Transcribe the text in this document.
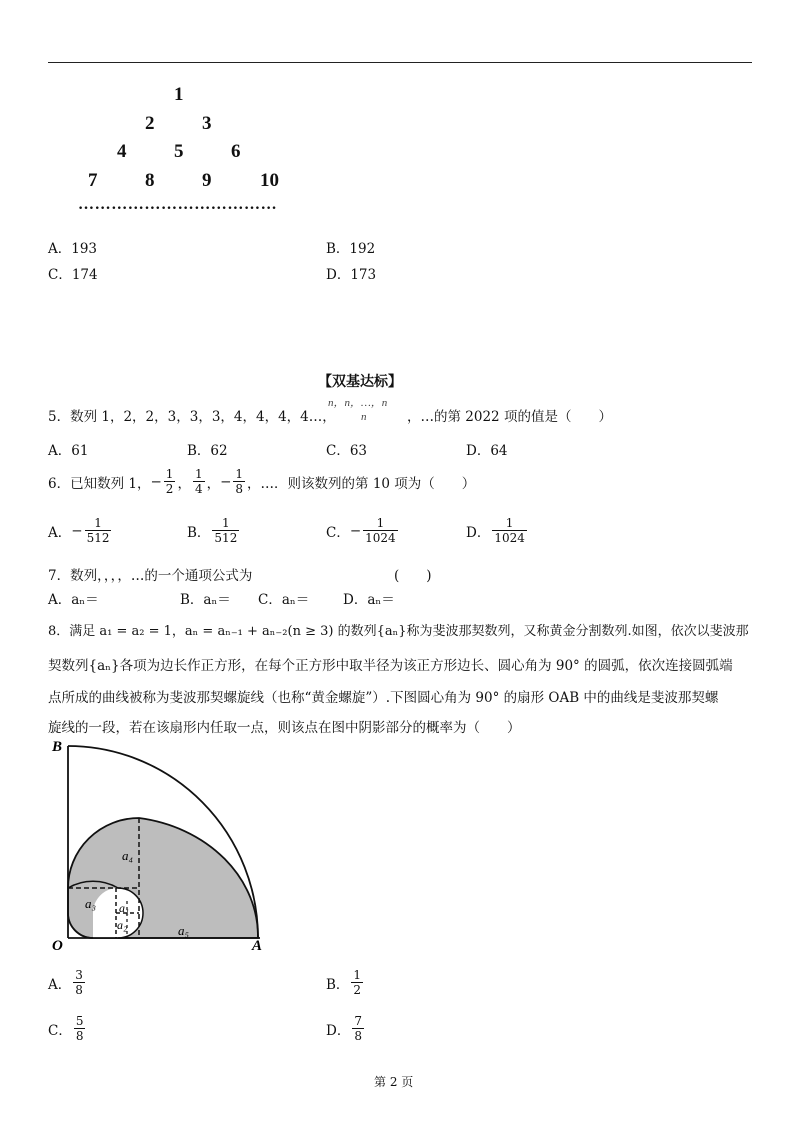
1
2	3
4	5	6
7	8	9	10
………………………………
A．193	B．192
C．174	D．173
【双基达标】
5．数列 1，2，2，3，3，3，4，4，4，4…，
n，n，…，n
n	，…的第 2022 项的值是（　　）
A．61	B．62	C．63	D．64
6．已知数列 1， − $\frac{1}{2}$ ， $\frac{1}{4}$ ， − $\frac{1}{8}$ ，…．则该数列的第 10 项为（　　）
A． − $\frac{1}{512}$	B． $\frac{1}{512}$	C． − $\frac{1}{1024}$	D． $\frac{1}{1024}$
7．数列，，，，…的一个通项公式为	(　　)
A．aₙ＝	B．aₙ＝ C．aₙ＝	D．aₙ＝
8．满足 a₁ = a₂ = 1，aₙ = aₙ₋₁ + aₙ₋₂(n ≥ 3) 的数列{aₙ}称为斐波那契数列，又称黄金分割数列.如图，依次以斐波那
契数列{aₙ}各项为边长作正方形，在每个正方形中取半径为该正方形边长、圆心角为 90° 的圆弧，依次连接圆弧端
点所成的曲线被称为斐波那契螺旋线（也称“黄金螺旋”）.下图圆心角为 90° 的扇形 OAB 中的曲线是斐波那契螺
旋线的一段，若在该扇形内任取一点，则该点在图中阴影部分的概率为（　　）
B
O	A
a₄
a₃ a₁
a₂	a₅
A． $\frac{3}{8}$	B． $\frac{1}{2}$
C． $\frac{5}{8}$	D． $\frac{7}{8}$
第 2 页
